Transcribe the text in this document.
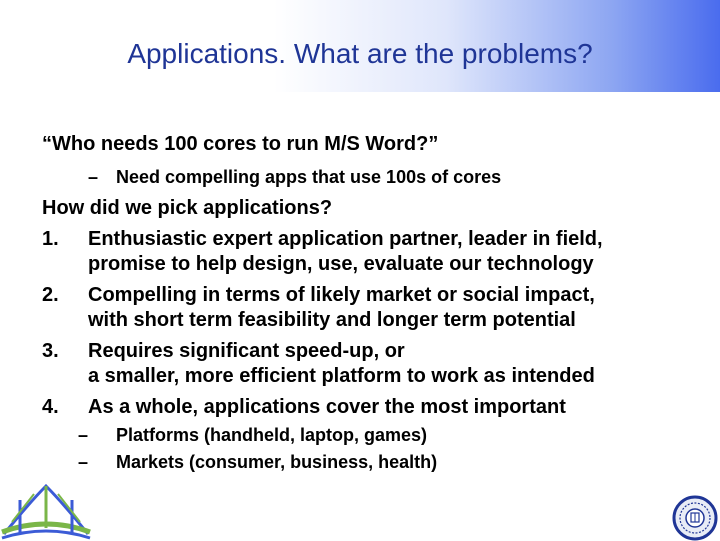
Applications. What are the problems?
“Who needs 100 cores to run M/S Word?”
– Need compelling apps that use 100s of cores
How did we pick applications?
1. Enthusiastic expert application partner, leader in field,
promise to help design, use, evaluate our technology
2. Compelling in terms of likely market or social impact,
with short term feasibility and longer term potential
3. Requires significant speed-up, or
a smaller, more efficient platform to work as intended
4. As a whole, applications cover the most important
– Platforms (handheld, laptop, games)
– Markets (consumer, business, health)
